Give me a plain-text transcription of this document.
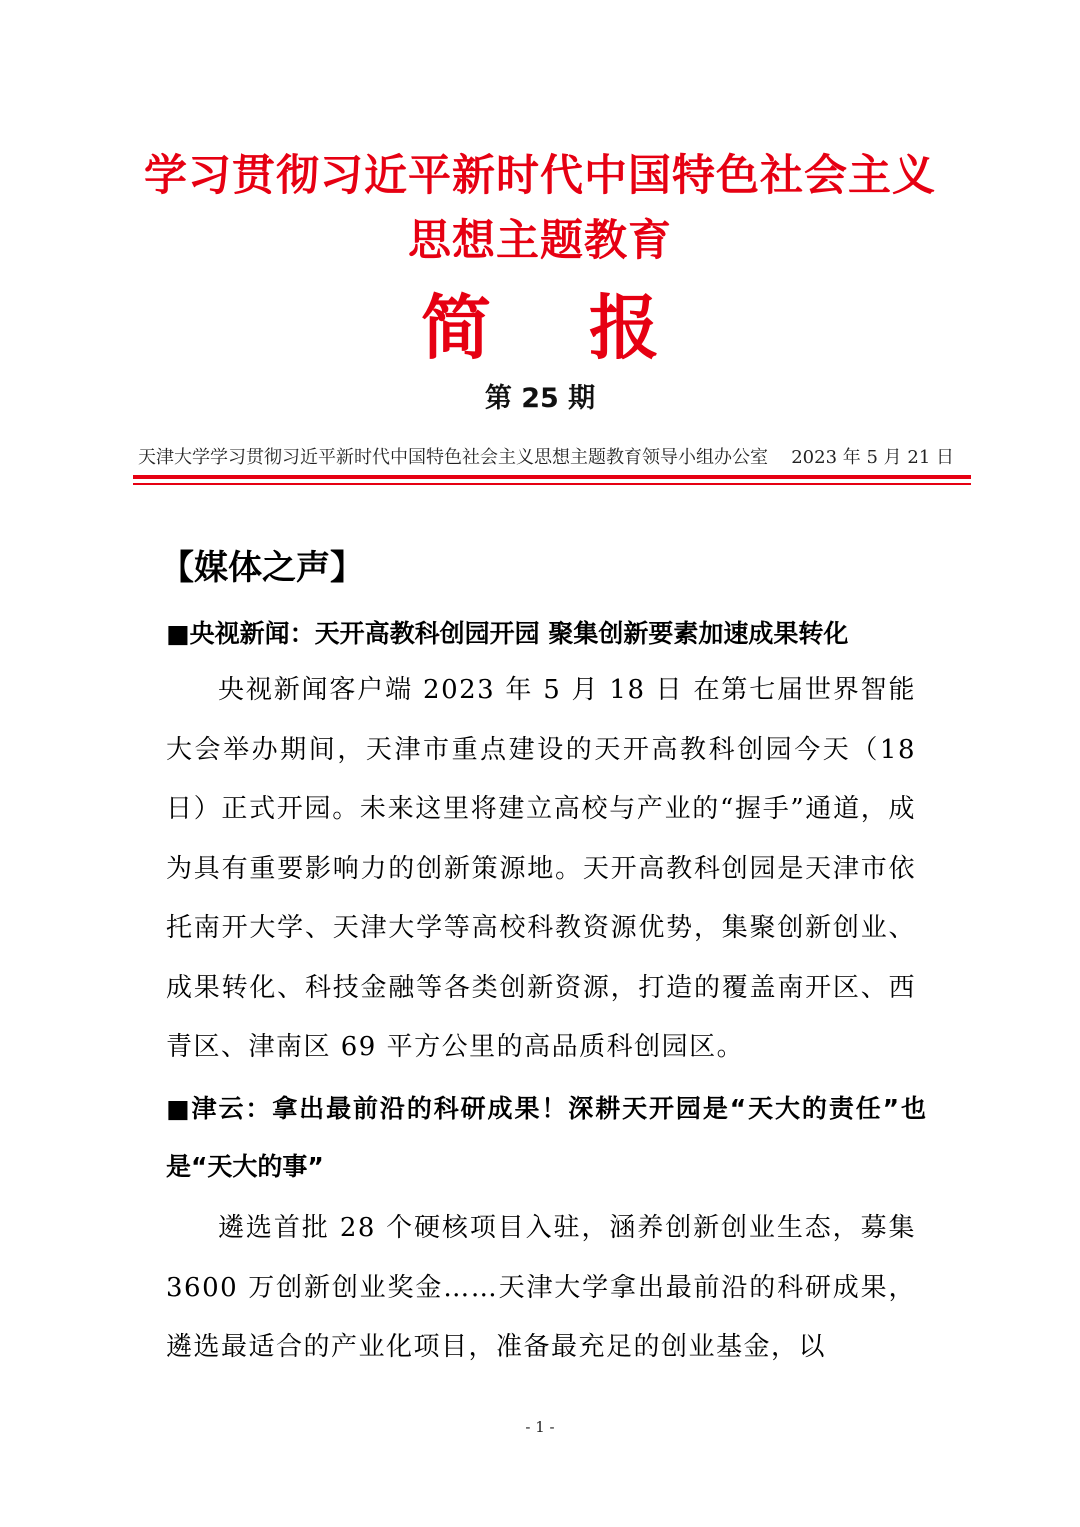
学习贯彻习近平新时代中国特色社会主义
思想主题教育
简 报
第 25 期
天津大学学习贯彻习近平新时代中国特色社会主义思想主题教育领导小组办公室 2023 年 5 月 21 日
【媒体之声】
■央视新闻：天开高教科创园开园 聚集创新要素加速成果转化
央视新闻客户端 2023 年 5 月 18 日 在第七届世界智能大会举办期间，天津市重点建设的天开高教科创园今天（18 日）正式开园。未来这里将建立高校与产业的“握手”通道，成为具有重要影响力的创新策源地。天开高教科创园是天津市依托南开大学、天津大学等高校科教资源优势，集聚创新创业、成果转化、科技金融等各类创新资源，打造的覆盖南开区、西青区、津南区 69 平方公里的高品质科创园区。
■津云：拿出最前沿的科研成果！深耕天开园是“天大的责任”也是“天大的事”
遴选首批 28 个硬核项目入驻，涵养创新创业生态，募集 3600 万创新创业奖金……天津大学拿出最前沿的科研成果，遴选最适合的产业化项目，准备最充足的创业基金，以
- 1 -
